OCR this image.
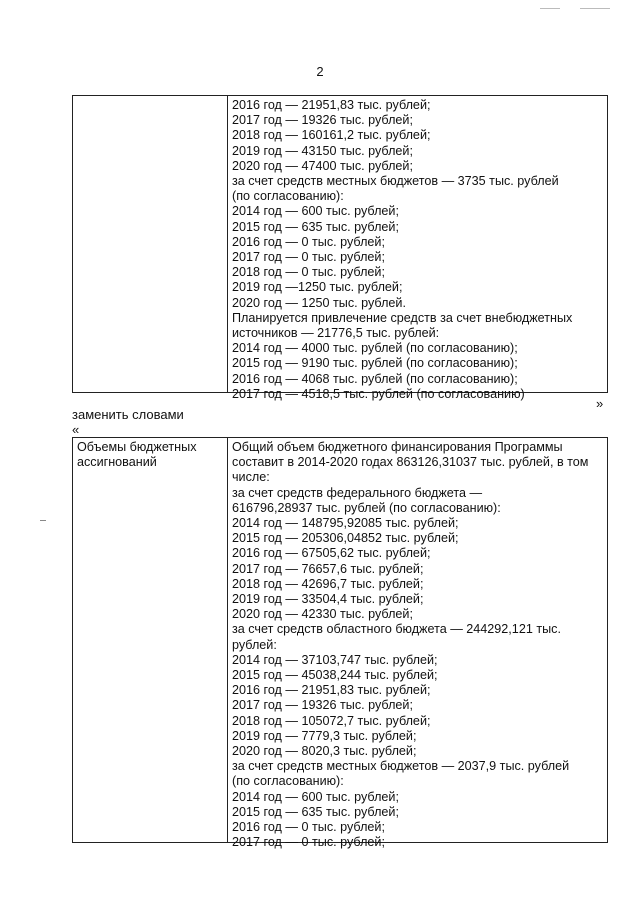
2
2016 год — 21951,83 тыс. рублей;
2017 год — 19326 тыс. рублей;
2018 год — 160161,2 тыс. рублей;
2019 год — 43150 тыс. рублей;
2020 год — 47400 тыс. рублей;
за счет средств местных бюджетов — 3735 тыс. рублей
(по согласованию):
2014 год — 600 тыс. рублей;
2015 год — 635 тыс. рублей;
2016 год — 0 тыс. рублей;
2017 год — 0 тыс. рублей;
2018 год — 0 тыс. рублей;
2019 год —1250 тыс. рублей;
2020 год — 1250 тыс. рублей.
Планируется привлечение средств за счет внебюджетных
источников — 21776,5 тыс. рублей:
2014 год — 4000 тыс. рублей (по согласованию);
2015 год — 9190 тыс. рублей (по согласованию);
2016 год — 4068 тыс. рублей (по согласованию);
2017 год — 4518,5 тыс. рублей (по согласованию)
»
заменить словами
«
Объемы бюджетных
ассигнований
Общий объем бюджетного финансирования Программы
составит в 2014-2020 годах 863126,31037 тыс. рублей, в том
числе:
за счет средств федерального бюджета —
616796,28937 тыс. рублей (по согласованию):
2014 год — 148795,92085 тыс. рублей;
2015 год — 205306,04852 тыс. рублей;
2016 год — 67505,62 тыс. рублей;
2017 год — 76657,6 тыс. рублей;
2018 год — 42696,7 тыс. рублей;
2019 год — 33504,4 тыс. рублей;
2020 год — 42330 тыс. рублей;
за счет средств областного бюджета — 244292,121 тыс.
рублей:
2014 год — 37103,747 тыс. рублей;
2015 год — 45038,244 тыс. рублей;
2016 год — 21951,83 тыс. рублей;
2017 год — 19326 тыс. рублей;
2018 год — 105072,7 тыс. рублей;
2019 год — 7779,3 тыс. рублей;
2020 год — 8020,3 тыс. рублей;
за счет средств местных бюджетов — 2037,9 тыс. рублей
(по согласованию):
2014 год — 600 тыс. рублей;
2015 год — 635 тыс. рублей;
2016 год — 0 тыс. рублей;
2017 год — 0 тыс. рублей;
